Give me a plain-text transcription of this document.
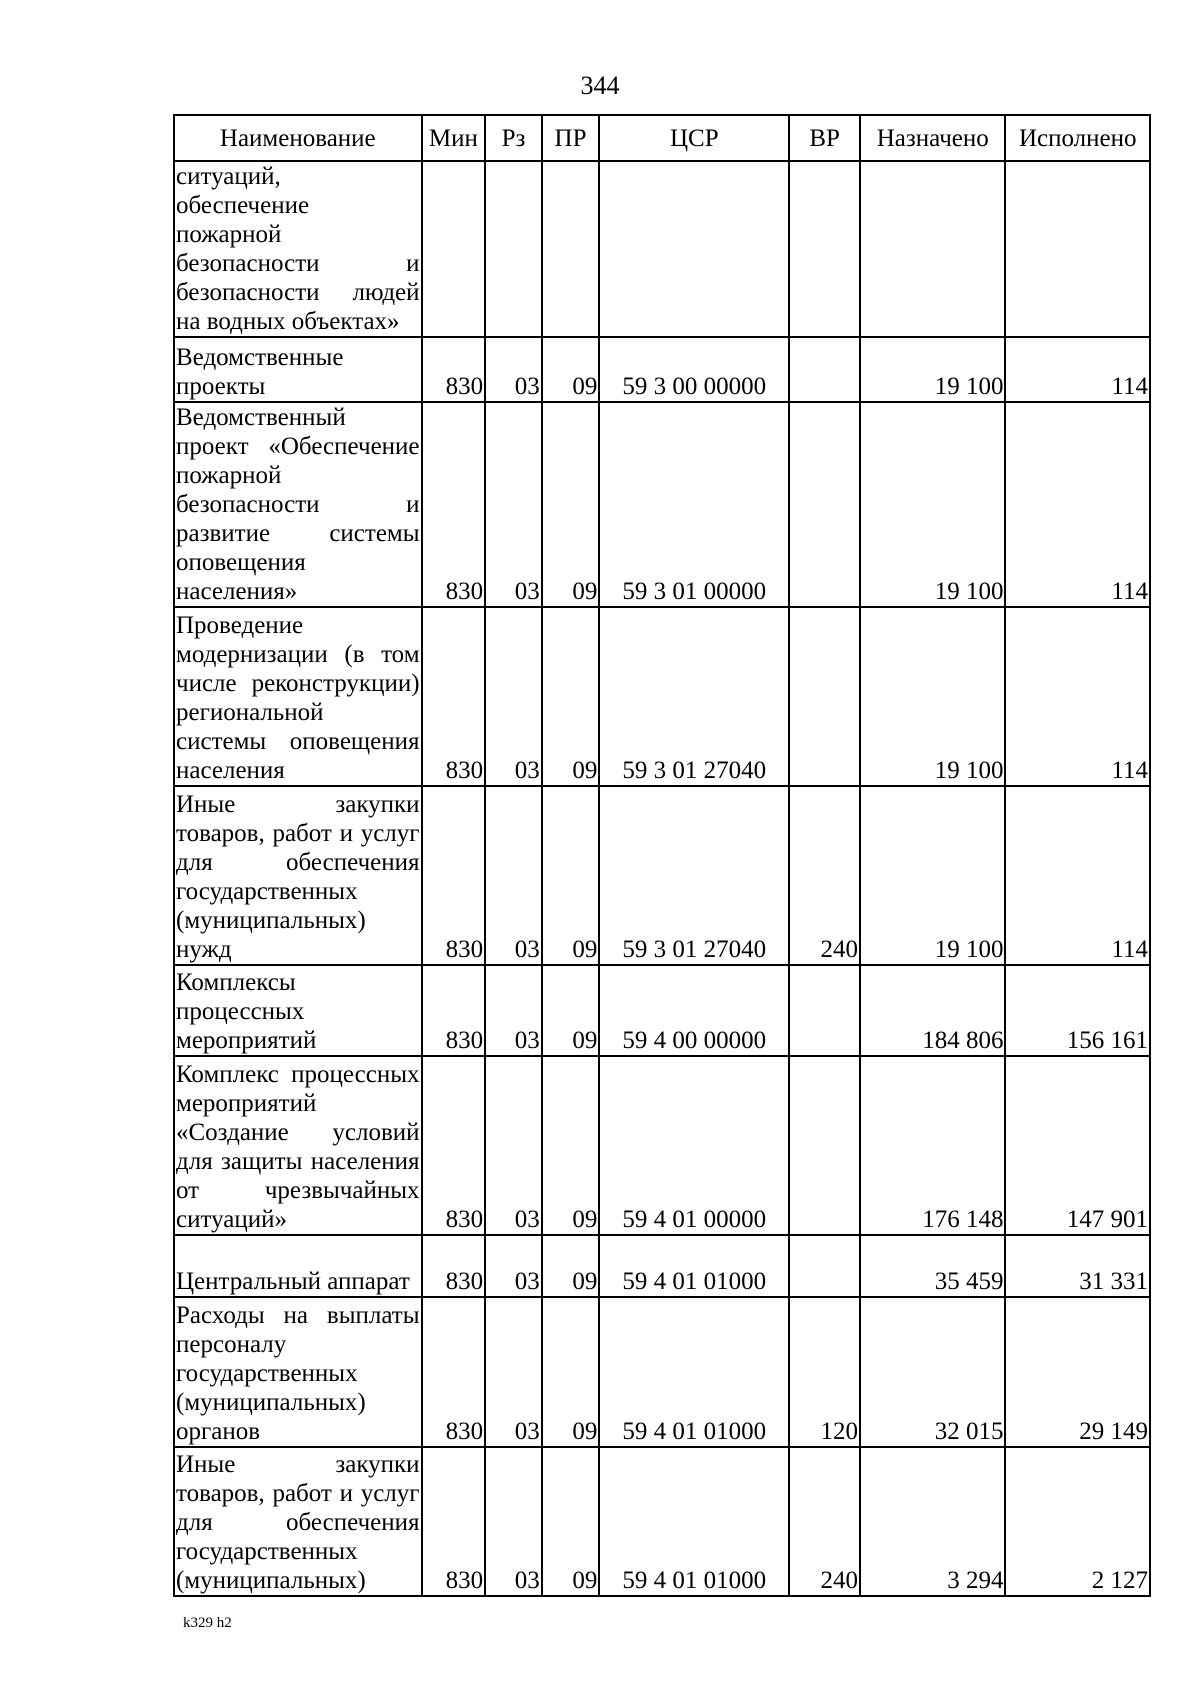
344
Наименование	Мин	Рз	ПР	ЦСР	ВР	Назначено	Исполнено
ситуаций, обеспечение пожарной безопасности и безопасности людей на водных объектах»							
Ведомственные проекты	830	03	09	59 3 00 00000		19 100	114
Ведомственный проект «Обеспечение пожарной безопасности и развитие системы оповещения населения»	830	03	09	59 3 01 00000		19 100	114
Проведение модернизации (в том числе реконструкции) региональной системы оповещения населения	830	03	09	59 3 01 27040		19 100	114
Иные закупки товаров, работ и услуг для обеспечения государственных (муниципальных) нужд	830	03	09	59 3 01 27040	240	19 100	114
Комплексы процессных мероприятий	830	03	09	59 4 00 00000		184 806	156 161
Комплекс процессных мероприятий «Создание условий для защиты населения от чрезвычайных ситуаций»	830	03	09	59 4 01 00000		176 148	147 901
Центральный аппарат	830	03	09	59 4 01 01000		35 459	31 331
Расходы на выплаты персоналу государственных (муниципальных) органов	830	03	09	59 4 01 01000	120	32 015	29 149
Иные закупки товаров, работ и услуг для обеспечения государственных (муниципальных)	830	03	09	59 4 01 01000	240	3 294	2 127
k329 h2
